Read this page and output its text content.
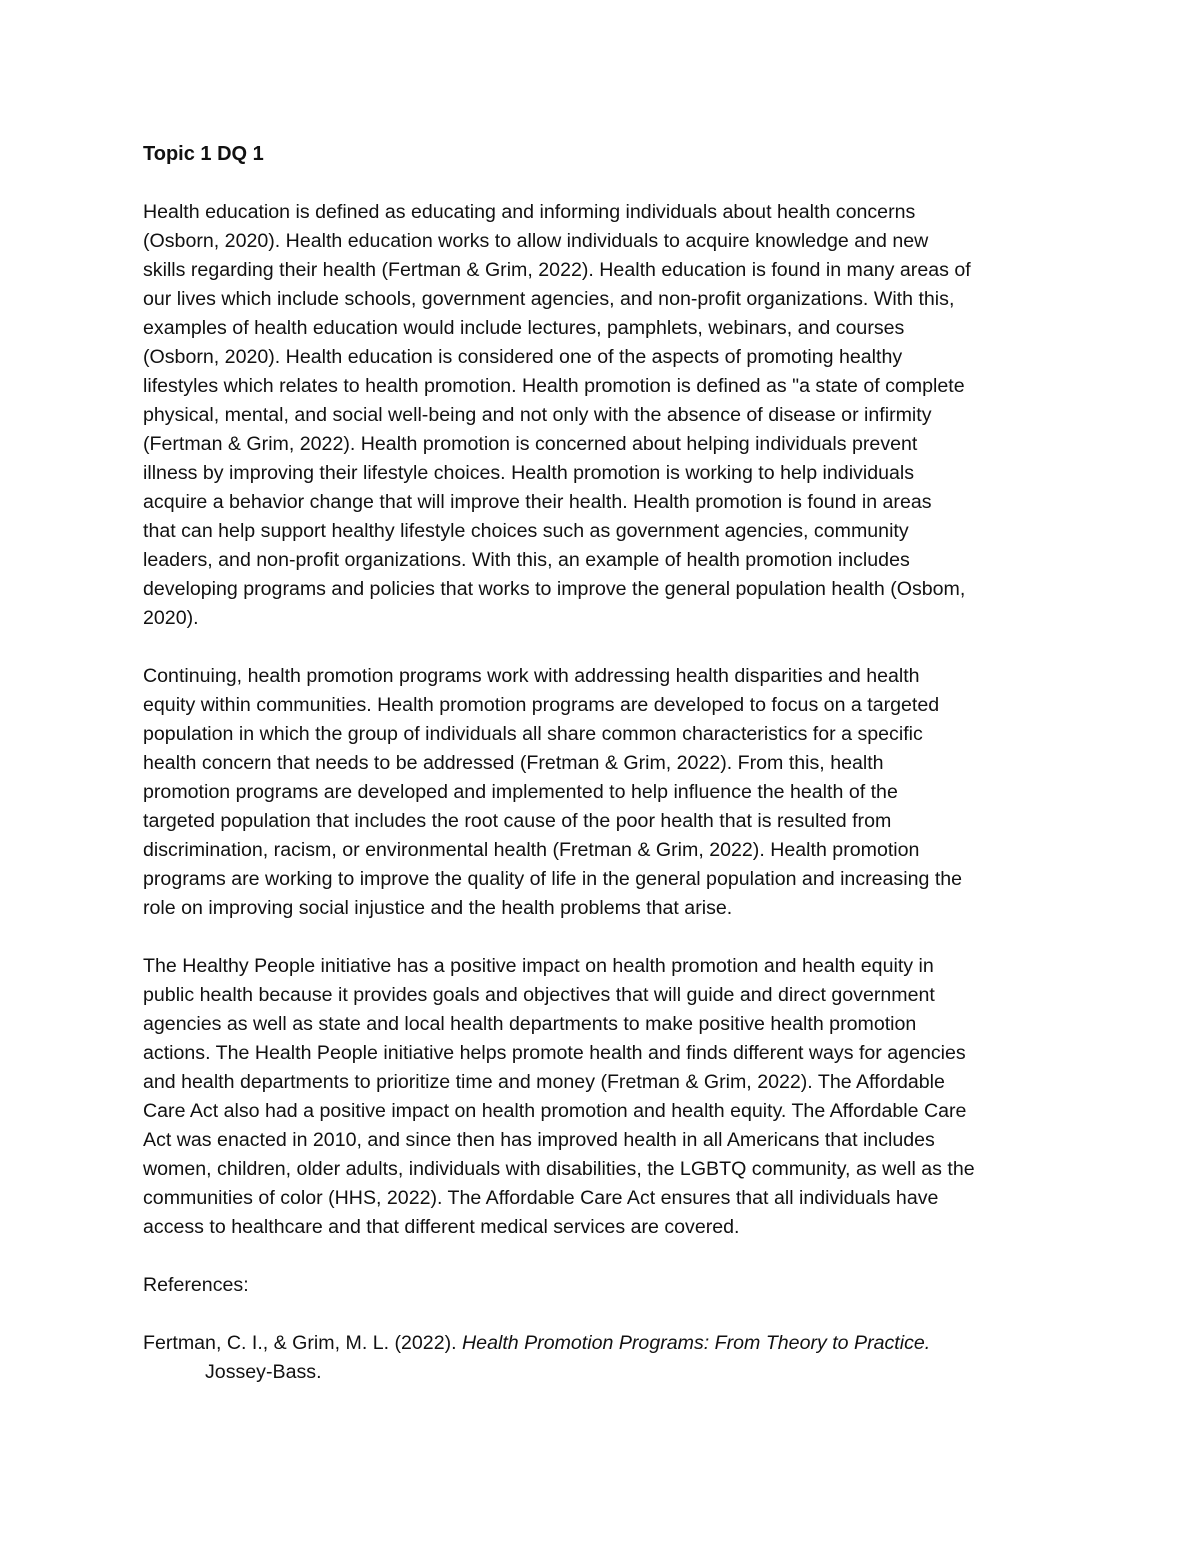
Topic 1 DQ 1
Health education is defined as educating and informing individuals about health concerns
(Osborn, 2020). Health education works to allow individuals to acquire knowledge and new
skills regarding their health (Fertman & Grim, 2022). Health education is found in many areas of
our lives which include schools, government agencies, and non-profit organizations. With this,
examples of health education would include lectures, pamphlets, webinars, and courses
(Osborn, 2020). Health education is considered one of the aspects of promoting healthy
lifestyles which relates to health promotion. Health promotion is defined as "a state of complete
physical, mental, and social well-being and not only with the absence of disease or infirmity
(Fertman & Grim, 2022). Health promotion is concerned about helping individuals prevent
illness by improving their lifestyle choices. Health promotion is working to help individuals
acquire a behavior change that will improve their health. Health promotion is found in areas
that can help support healthy lifestyle choices such as government agencies, community
leaders, and non-profit organizations. With this, an example of health promotion includes
developing programs and policies that works to improve the general population health (Osbom,
2020).
Continuing, health promotion programs work with addressing health disparities and health
equity within communities. Health promotion programs are developed to focus on a targeted
population in which the group of individuals all share common characteristics for a specific
health concern that needs to be addressed (Fretman & Grim, 2022). From this, health
promotion programs are developed and implemented to help influence the health of the
targeted population that includes the root cause of the poor health that is resulted from
discrimination, racism, or environmental health (Fretman & Grim, 2022). Health promotion
programs are working to improve the quality of life in the general population and increasing the
role on improving social injustice and the health problems that arise.
The Healthy People initiative has a positive impact on health promotion and health equity in
public health because it provides goals and objectives that will guide and direct government
agencies as well as state and local health departments to make positive health promotion
actions. The Health People initiative helps promote health and finds different ways for agencies
and health departments to prioritize time and money (Fretman & Grim, 2022). The Affordable
Care Act also had a positive impact on health promotion and health equity. The Affordable Care
Act was enacted in 2010, and since then has improved health in all Americans that includes
women, children, older adults, individuals with disabilities, the LGBTQ community, as well as the
communities of color (HHS, 2022). The Affordable Care Act ensures that all individuals have
access to healthcare and that different medical services are covered.
References:
Fertman, C. I., & Grim, M. L. (2022). Health Promotion Programs: From Theory to Practice.
Jossey-Bass.
